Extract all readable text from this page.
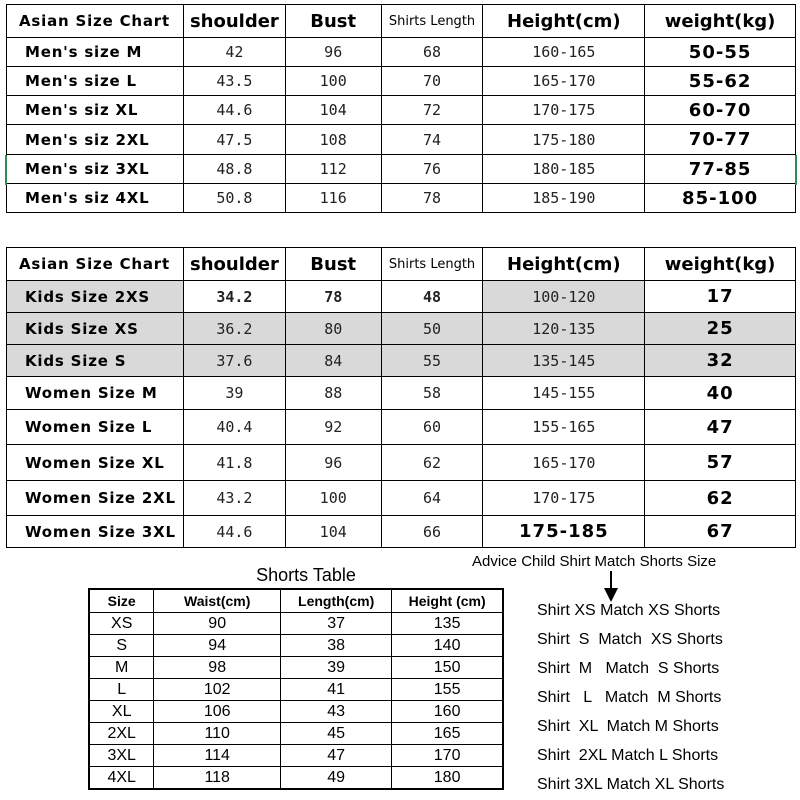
Asian Size Chart	shoulder	Bust	Shirts Length	Height(cm)	weight(kg)
Men's size M	42	96	68	160-165	50-55
Men's size L	43.5	100	70	165-170	55-62
Men's siz XL	44.6	104	72	170-175	60-70
Men's siz 2XL	47.5	108	74	175-180	70-77
Men's siz 3XL	48.8	112	76	180-185	77-85
Men's siz 4XL	50.8	116	78	185-190	85-100
Asian Size Chart	shoulder	Bust	Shirts Length	Height(cm)	weight(kg)
Kids Size 2XS	34.2	78	48	100-120	17
Kids Size XS	36.2	80	50	120-135	25
Kids Size S	37.6	84	55	135-145	32
Women Size M	39	88	58	145-155	40
Women Size L	40.4	92	60	155-165	47
Women Size XL	41.8	96	62	165-170	57
Women Size 2XL	43.2	100	64	170-175	62
Women Size 3XL	44.6	104	66	175-185	67
Shorts Table
Size	Waist(cm)	Length(cm)	Height (cm)
XS	90	37	135
S	94	38	140
M	98	39	150
L	102	41	155
XL	106	43	160
2XL	110	45	165
3XL	114	47	170
4XL	118	49	180
Advice Child Shirt Match Shorts Size
Shirt XS Match XS Shorts
Shirt  S  Match  XS Shorts
Shirt  M   Match  S Shorts
Shirt   L   Match  M Shorts
Shirt  XL  Match M Shorts
Shirt  2XL Match L Shorts
Shirt 3XL Match XL Shorts
